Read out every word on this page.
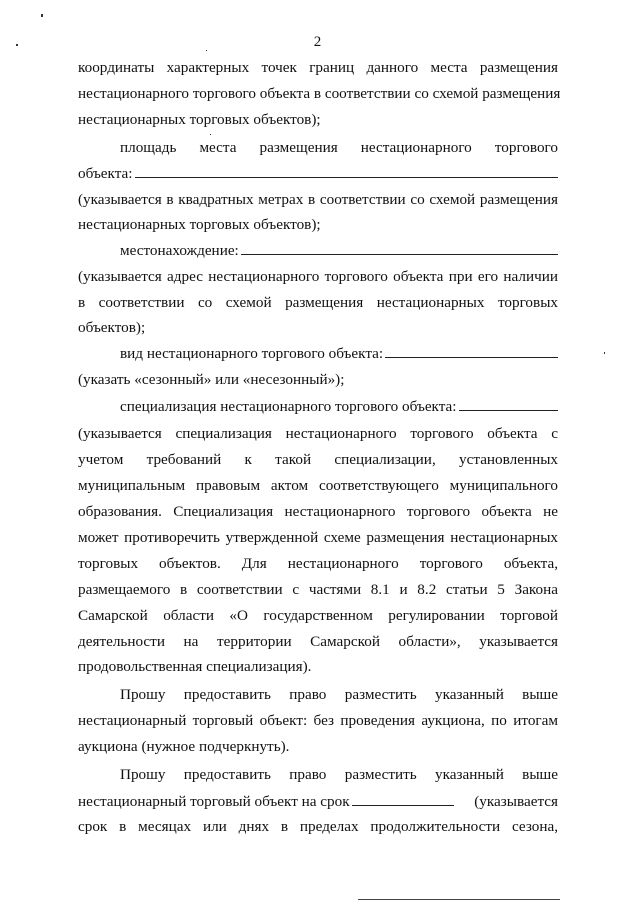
2
координаты характерных точек границ данного места размещения
нестационарного торгового объекта в соответствии со схемой размещения
нестационарных торговых объектов);
площадь места размещения нестационарного торгового
объекта:
(указывается в квадратных метрах в соответствии со схемой размещения
нестационарных торговых объектов);
местонахождение:
(указывается адрес нестационарного торгового объекта при его наличии
в соответствии со схемой размещения нестационарных торговых
объектов);
вид нестационарного торгового объекта:
(указать «сезонный» или «несезонный»);
специализация нестационарного торгового объекта:
(указывается специализация нестационарного торгового объекта с
учетом требований к такой специализации, установленных
муниципальным правовым актом соответствующего муниципального
образования. Специализация нестационарного торгового объекта не
может противоречить утвержденной схеме размещения нестационарных
торговых объектов. Для нестационарного торгового объекта,
размещаемого в соответствии с частями 8.1 и 8.2 статьи 5 Закона
Самарской области «О государственном регулировании торговой
деятельности на территории Самарской области», указывается
продовольственная специализация).
Прошу предоставить право разместить указанный выше
нестационарный торговый объект: без проведения аукциона, по итогам
аукциона (нужное подчеркнуть).
Прошу предоставить право разместить указанный выше
нестационарный торговый объект на срок	(указывается
срок в месяцах или днях в пределах продолжительности сезона,
